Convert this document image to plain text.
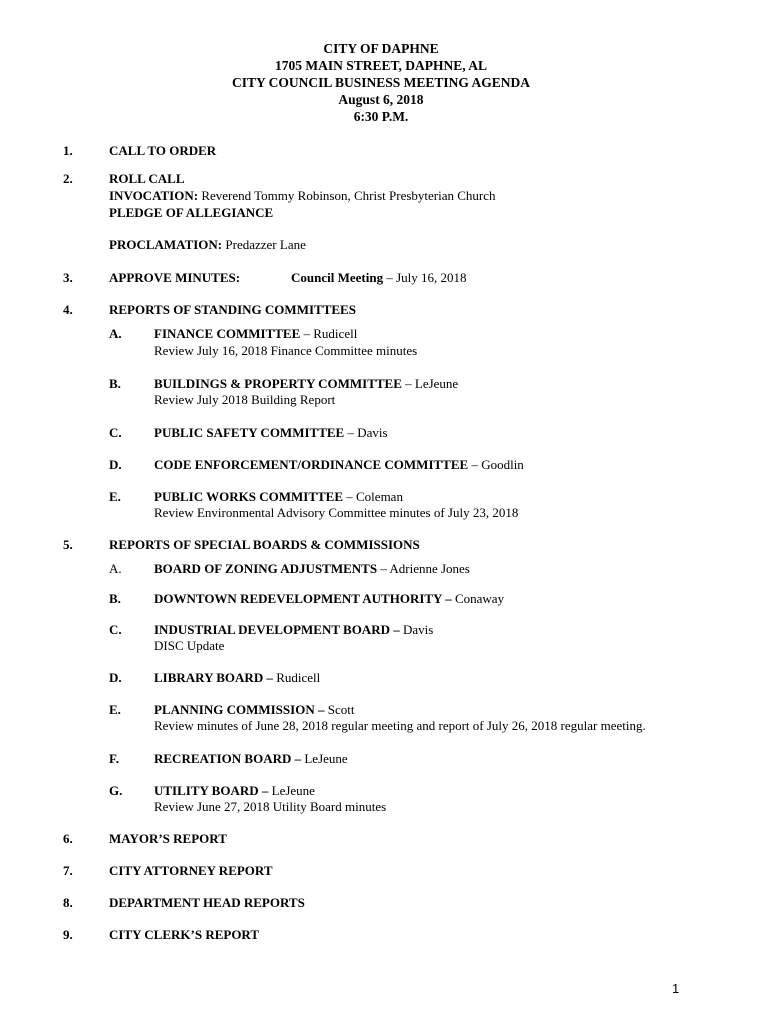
CITY OF DAPHNE
1705 MAIN STREET, DAPHNE, AL
CITY COUNCIL BUSINESS MEETING AGENDA
August 6, 2018
6:30 P.M.
1.	CALL TO ORDER
2.	ROLL CALL
INVOCATION: Reverend Tommy Robinson, Christ Presbyterian Church
PLEDGE OF ALLEGIANCE
PROCLAMATION: Predazzer Lane
3.	APPROVE MINUTES:	Council Meeting – July 16, 2018
4.	REPORTS OF STANDING COMMITTEES
A. FINANCE COMMITTEE – Rudicell
Review July 16, 2018 Finance Committee minutes
B.	BUILDINGS & PROPERTY COMMITTEE – LeJeune
Review July 2018 Building Report
C. PUBLIC SAFETY COMMITTEE – Davis
D. CODE ENFORCEMENT/ORDINANCE COMMITTEE – Goodlin
E.	PUBLIC WORKS COMMITTEE – Coleman
Review Environmental Advisory Committee minutes of July 23, 2018
5.	REPORTS OF SPECIAL BOARDS & COMMISSIONS
A. BOARD OF ZONING ADJUSTMENTS – Adrienne Jones
B.	DOWNTOWN REDEVELOPMENT AUTHORITY – Conaway
C. INDUSTRIAL DEVELOPMENT BOARD – Davis
DISC Update
D. LIBRARY BOARD – Rudicell
E.	PLANNING COMMISSION – Scott
Review minutes of June 28, 2018 regular meeting and report of July 26, 2018 regular meeting.
F.	RECREATION BOARD – LeJeune
G. UTILITY BOARD – LeJeune
Review June 27, 2018 Utility Board minutes
6.	MAYOR’S REPORT
7.	CITY ATTORNEY REPORT
8.	DEPARTMENT HEAD REPORTS
9.	CITY CLERK’S REPORT
1
